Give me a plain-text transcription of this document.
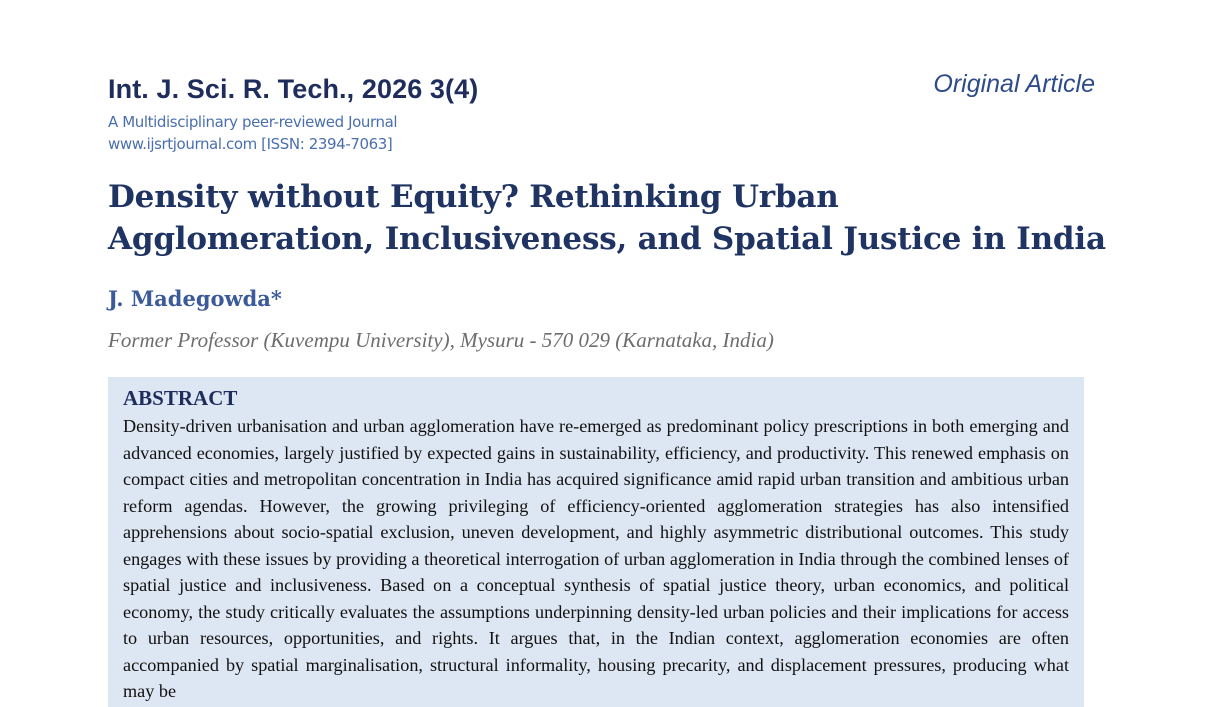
Int. J. Sci. R. Tech., 2026 3(4)	Original Article
A Multidisciplinary peer-reviewed Journal
www.ijsrtjournal.com [ISSN: 2394-7063]
Density without Equity? Rethinking Urban Agglomeration, Inclusiveness, and Spatial Justice in India
J. Madegowda*
Former Professor (Kuvempu University), Mysuru - 570 029 (Karnataka, India)
ABSTRACT

Density-driven urbanisation and urban agglomeration have re-emerged as predominant policy prescriptions in both emerging and advanced economies, largely justified by expected gains in sustainability, efficiency, and productivity. This renewed emphasis on compact cities and metropolitan concentration in India has acquired significance amid rapid urban transition and ambitious urban reform agendas. However, the growing privileging of efficiency-oriented agglomeration strategies has also intensified apprehensions about socio-spatial exclusion, uneven development, and highly asymmetric distributional outcomes. This study engages with these issues by providing a theoretical interrogation of urban agglomeration in India through the combined lenses of spatial justice and inclusiveness. Based on a conceptual synthesis of spatial justice theory, urban economics, and political economy, the study critically evaluates the assumptions underpinning density-led urban policies and their implications for access to urban resources, opportunities, and rights. It argues that, in the Indian context, agglomeration economies are often accompanied by spatial marginalisation, structural informality, housing precarity, and displacement pressures, producing what may be
